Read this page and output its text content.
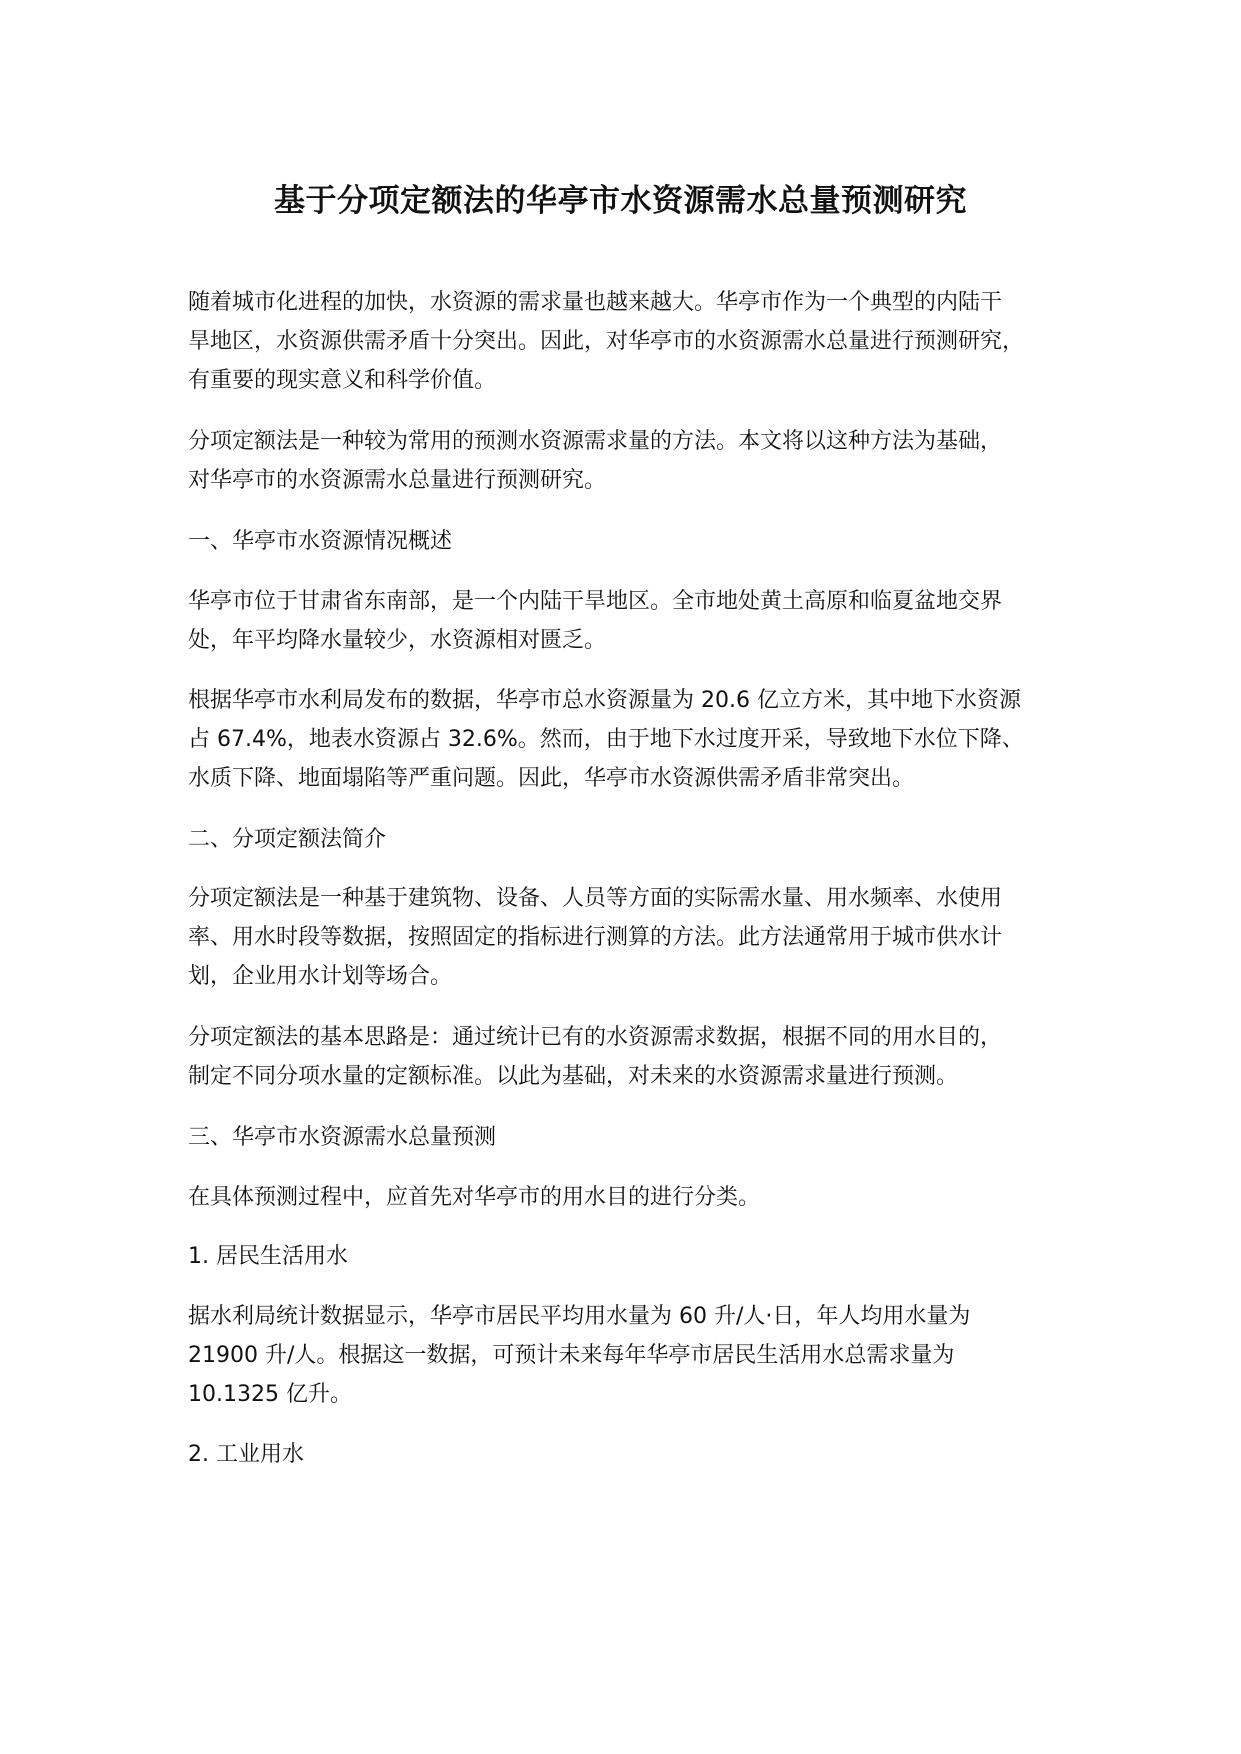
基于分项定额法的华亭市水资源需水总量预测研究

随着城市化进程的加快，水资源的需求量也越来越大。华亭市作为一个典型的内陆干
旱地区，水资源供需矛盾十分突出。因此，对华亭市的水资源需水总量进行预测研究，
有重要的现实意义和科学价值。

分项定额法是一种较为常用的预测水资源需求量的方法。本文将以这种方法为基础，
对华亭市的水资源需水总量进行预测研究。

一、华亭市水资源情况概述

华亭市位于甘肃省东南部，是一个内陆干旱地区。全市地处黄土高原和临夏盆地交界
处，年平均降水量较少，水资源相对匮乏。

根据华亭市水利局发布的数据，华亭市总水资源量为 20.6 亿立方米，其中地下水资源
占 67.4%，地表水资源占 32.6%。然而，由于地下水过度开采，导致地下水位下降、
水质下降、地面塌陷等严重问题。因此，华亭市水资源供需矛盾非常突出。

二、分项定额法简介

分项定额法是一种基于建筑物、设备、人员等方面的实际需水量、用水频率、水使用
率、用水时段等数据，按照固定的指标进行测算的方法。此方法通常用于城市供水计
划，企业用水计划等场合。

分项定额法的基本思路是：通过统计已有的水资源需求数据，根据不同的用水目的，
制定不同分项水量的定额标准。以此为基础，对未来的水资源需求量进行预测。

三、华亭市水资源需水总量预测

在具体预测过程中，应首先对华亭市的用水目的进行分类。

1. 居民生活用水

据水利局统计数据显示，华亭市居民平均用水量为 60 升/人·日，年人均用水量为
21900 升/人。根据这一数据，可预计未来每年华亭市居民生活用水总需求量为
10.1325 亿升。

2. 工业用水
